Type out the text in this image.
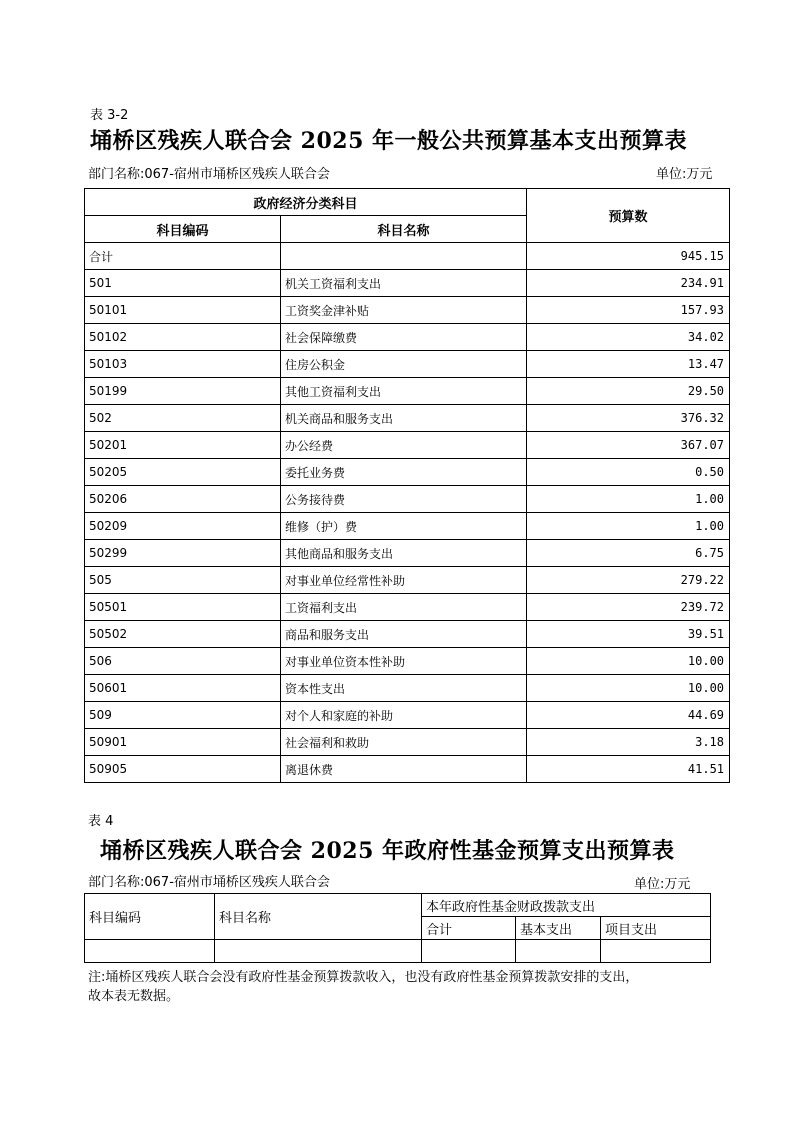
表 3-2
埇桥区残疾人联合会 2025 年一般公共预算基本支出预算表
部门名称:067-宿州市埇桥区残疾人联合会	单位:万元
政府经济分类科目		预算数
科目编码	科目名称	
合计		945.15
501	机关工资福利支出	234.91
50101	工资奖金津补贴	157.93
50102	社会保障缴费	34.02
50103	住房公积金	13.47
50199	其他工资福利支出	29.50
502	机关商品和服务支出	376.32
50201	办公经费	367.07
50205	委托业务费	0.50
50206	公务接待费	1.00
50209	维修（护）费	1.00
50299	其他商品和服务支出	6.75
505	对事业单位经常性补助	279.22
50501	工资福利支出	239.72
50502	商品和服务支出	39.51
506	对事业单位资本性补助	10.00
50601	资本性支出	10.00
509	对个人和家庭的补助	44.69
50901	社会福利和救助	3.18
50905	离退休费	41.51
表 4
埇桥区残疾人联合会 2025 年政府性基金预算支出预算表
部门名称:067-宿州市埇桥区残疾人联合会	单位:万元
科目编码	科目名称	本年政府性基金财政拨款支出		
		合计	基本支出	项目支出

注:埇桥区残疾人联合会没有政府性基金预算拨款收入，也没有政府性基金预算拨款安排的支出，
故本表无数据。
